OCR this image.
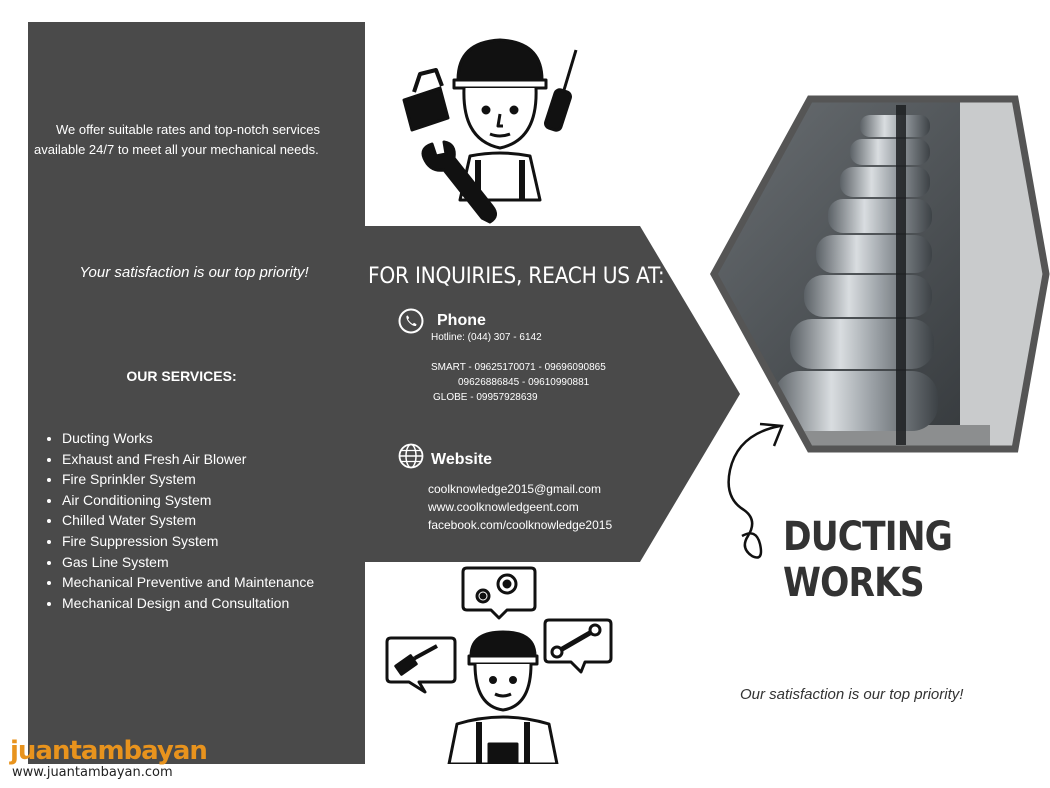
We offer suitable rates and top-notch services available 24/7 to meet all your mechanical needs.

Your satisfaction is our top priority!

OUR SERVICES:

• Ducting Works
• Exhaust and Fresh Air Blower
• Fire Sprinkler System
• Air Conditioning System
• Chilled Water System
• Fire Suppression System
• Gas Line System
• Mechanical Preventive and Maintenance
• Mechanical Design and Consultation

FOR INQUIRIES, REACH US AT:

Phone

Hotline: (044) 307 - 6142

SMART - 09625170071 - 09696090865

09626886845 - 09610990881

GLOBE - 09957928639

Website

coolknowledge2015@gmail.com
www.coolknowledgeent.com
facebook.com/coolknowledge2015	DUCTING
WORKS

Our satisfaction is our top priority!

juantambayan

www.juantambayan.com
